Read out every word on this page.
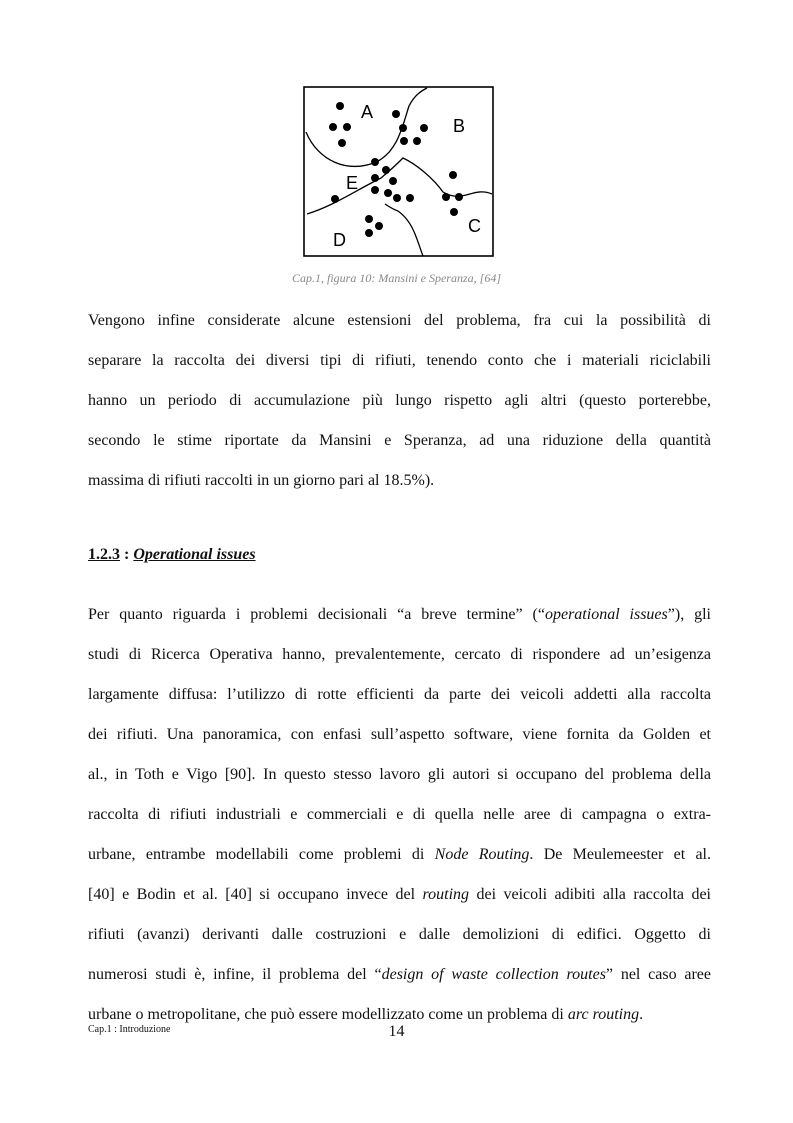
A
B
C
D
E
Cap.1, figura 10: Mansini e Speranza, [64]
Vengono infine considerate alcune estensioni del problema, fra cui la possibilità di
separare la raccolta dei diversi tipi di rifiuti, tenendo conto che i materiali riciclabili
hanno un periodo di accumulazione più lungo rispetto agli altri (questo porterebbe,
secondo le stime riportate da Mansini e Speranza, ad una riduzione della quantità
massima di rifiuti raccolti in un giorno pari al 18.5%).
1.2.3 : Operational issues
Per quanto riguarda i problemi decisionali “a breve termine” (“operational issues”), gli
studi di Ricerca Operativa hanno, prevalentemente, cercato di rispondere ad un’esigenza
largamente diffusa: l’utilizzo di rotte efficienti da parte dei veicoli addetti alla raccolta
dei rifiuti. Una panoramica, con enfasi sull’aspetto software, viene fornita da Golden et
al., in Toth e Vigo [90]. In questo stesso lavoro gli autori si occupano del problema della
raccolta di rifiuti industriali e commerciali e di quella nelle aree di campagna o extra-
urbane, entrambe modellabili come problemi di Node Routing. De Meulemeester et al.
[40] e Bodin et al. [40] si occupano invece del routing dei veicoli adibiti alla raccolta dei
rifiuti (avanzi) derivanti dalle costruzioni e dalle demolizioni di edifici. Oggetto di
numerosi studi è, infine, il problema del “design of waste collection routes” nel caso aree
urbane o metropolitane, che può essere modellizzato come un problema di arc routing.
Cap.1 : Introduzione	14
